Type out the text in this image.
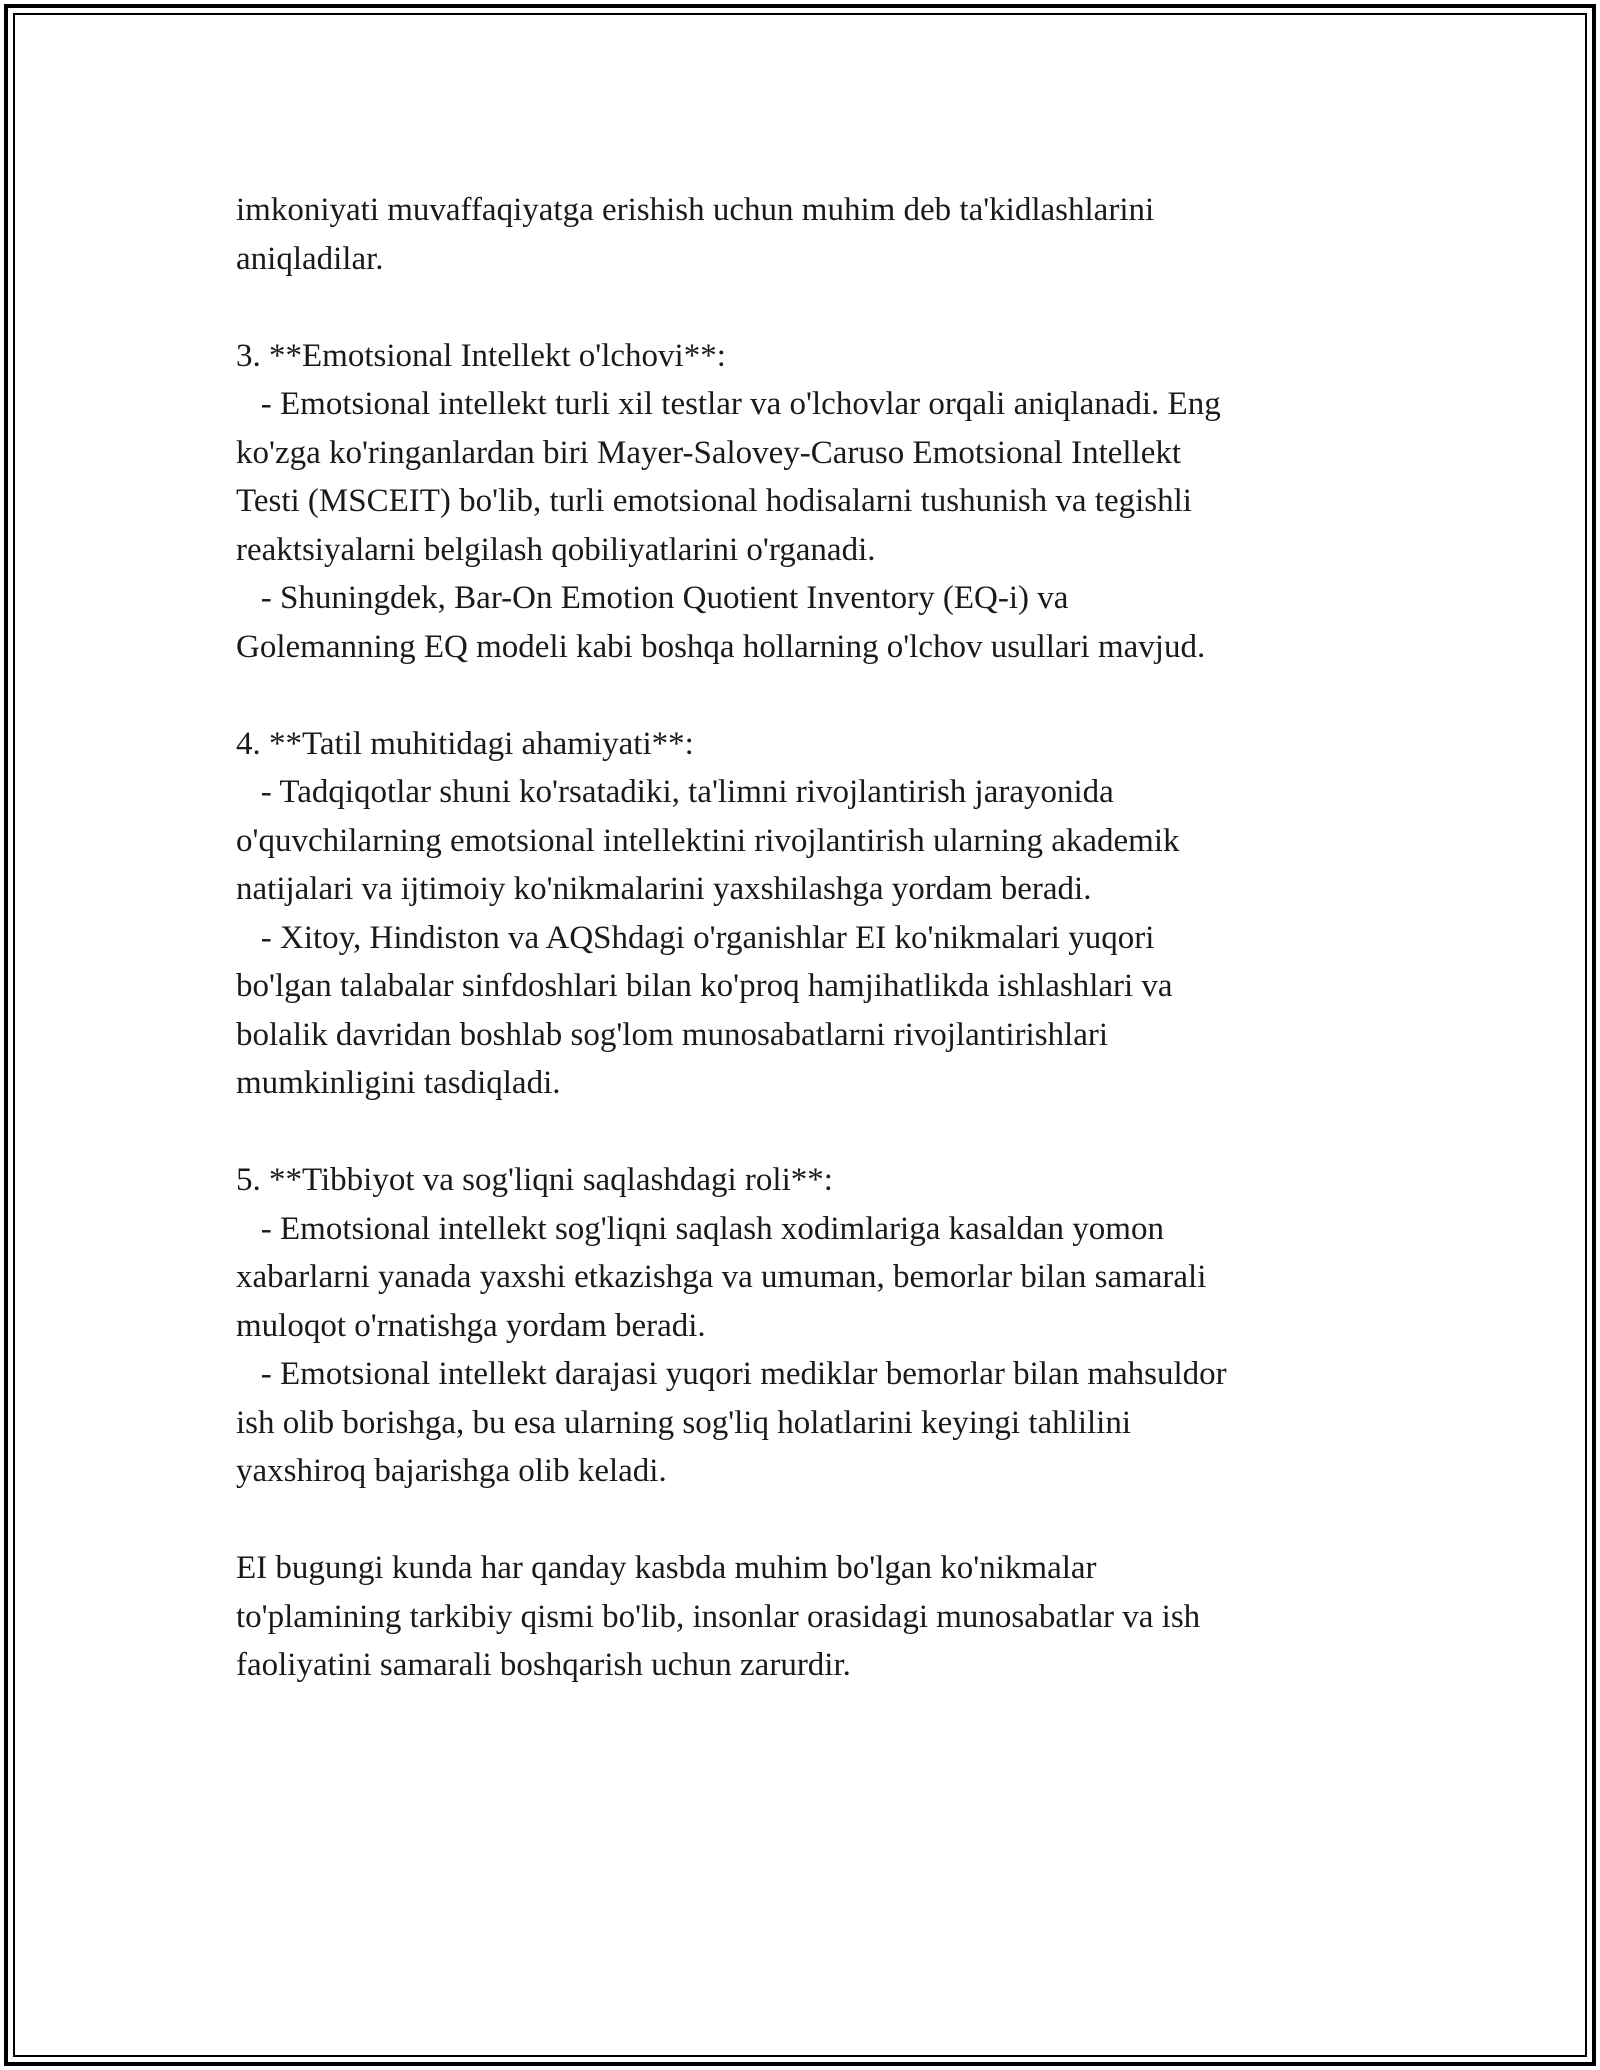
imkoniyati muvaffaqiyatga erishish uchun muhim deb ta'kidlashlarini
aniqladilar.
3. **Emotsional Intellekt o'lchovi**:
- Emotsional intellekt turli xil testlar va o'lchovlar orqali aniqlanadi. Eng
ko'zga ko'ringanlardan biri Mayer-Salovey-Caruso Emotsional Intellekt
Testi (MSCEIT) bo'lib, turli emotsional hodisalarni tushunish va tegishli
reaktsiyalarni belgilash qobiliyatlarini o'rganadi.
- Shuningdek, Bar-On Emotion Quotient Inventory (EQ-i) va
Golemanning EQ modeli kabi boshqa hollarning o'lchov usullari mavjud.
4. **Tatil muhitidagi ahamiyati**:
- Tadqiqotlar shuni ko'rsatadiki, ta'limni rivojlantirish jarayonida
o'quvchilarning emotsional intellektini rivojlantirish ularning akademik
natijalari va ijtimoiy ko'nikmalarini yaxshilashga yordam beradi.
- Xitoy, Hindiston va AQShdagi o'rganishlar EI ko'nikmalari yuqori
bo'lgan talabalar sinfdoshlari bilan ko'proq hamjihatlikda ishlashlari va
bolalik davridan boshlab sog'lom munosabatlarni rivojlantirishlari
mumkinligini tasdiqladi.
5. **Tibbiyot va sog'liqni saqlashdagi roli**:
- Emotsional intellekt sog'liqni saqlash xodimlariga kasaldan yomon
xabarlarni yanada yaxshi etkazishga va umuman, bemorlar bilan samarali
muloqot o'rnatishga yordam beradi.
- Emotsional intellekt darajasi yuqori mediklar bemorlar bilan mahsuldor
ish olib borishga, bu esa ularning sog'liq holatlarini keyingi tahlilini
yaxshiroq bajarishga olib keladi.
EI bugungi kunda har qanday kasbda muhim bo'lgan ko'nikmalar
to'plamining tarkibiy qismi bo'lib, insonlar orasidagi munosabatlar va ish
faoliyatini samarali boshqarish uchun zarurdir.
